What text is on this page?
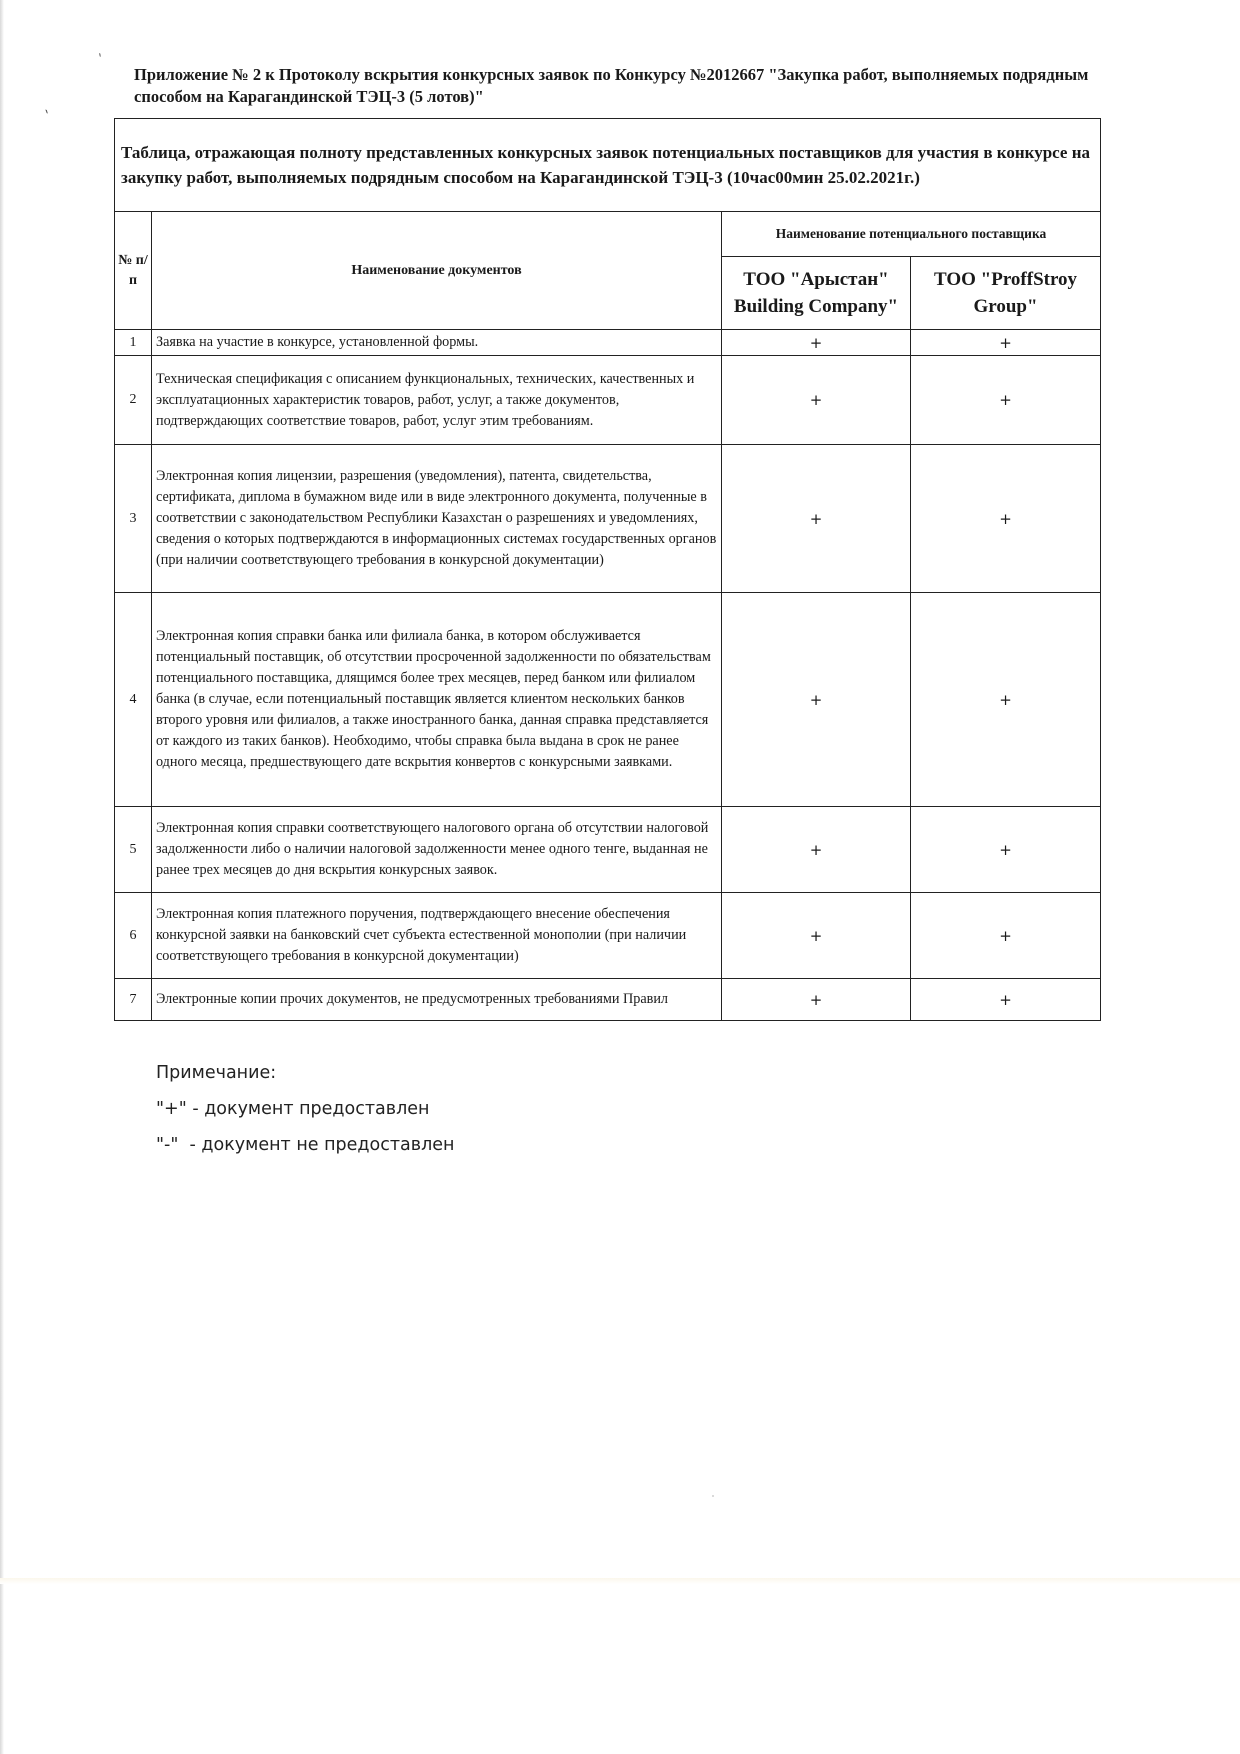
ˎ
ˎ
Приложение № 2 к Протоколу вскрытия конкурсных заявок по Конкурсу №2012667 "Закупка работ, выполняемых подрядным способом на Карагандинской ТЭЦ-3 (5 лотов)"
Таблица, отражающая полноту представленных конкурсных заявок потенциальных поставщиков для участия в конкурсе на закупку работ, выполняемых подрядным способом на Карагандинской ТЭЦ-3 (10час00мин 25.02.2021г.)			
№ п/п	Наименование документов	Наименование потенциального поставщика	
		ТОО "Арыстан" Building Company"	ТОО "ProffStroy Group"
1	Заявка на участие в конкурсе, установленной формы.	+	+
2	Техническая спецификация с описанием функциональных, технических, качественных и эксплуатационных характеристик товаров, работ, услуг, а также документов, подтверждающих соответствие товаров, работ, услуг этим требованиям.	+	+
3	Электронная копия лицензии, разрешения (уведомления), патента, свидетельства, сертификата, диплома в бумажном виде или в виде электронного документа, полученные в соответствии с законодательством Республики Казахстан о разрешениях и уведомлениях, сведения о которых подтверждаются в информационных системах государственных органов (при наличии соответствующего требования в конкурсной документации)	+	+
4	Электронная копия справки банка или филиала банка, в котором обслуживается потенциальный поставщик, об отсутствии просроченной задолженности по обязательствам потенциального поставщика, длящимся более трех месяцев, перед банком или филиалом банка (в случае, если потенциальный поставщик является клиентом нескольких банков второго уровня или филиалов, а также иностранного банка, данная справка представляется от каждого из таких банков). Необходимо, чтобы справка была выдана в срок не ранее одного месяца, предшествующего дате вскрытия конвертов с конкурсными заявками.	+	+
5	Электронная копия справки соответствующего налогового органа об отсутствии налоговой задолженности либо о наличии налоговой задолженности менее одного тенге, выданная не ранее трех месяцев до дня вскрытия конкурсных заявок.	+	+
6	Электронная копия платежного поручения, подтверждающего внесение обеспечения конкурсной заявки на банковский счет субъекта естественной монополии (при наличии соответствующего требования в конкурсной документации)	+	+
7	Электронные копии прочих документов, не предусмотренных требованиями Правил	+	+
Примечание:
"+" - документ предоставлен
"-"  - документ не предоставлен
